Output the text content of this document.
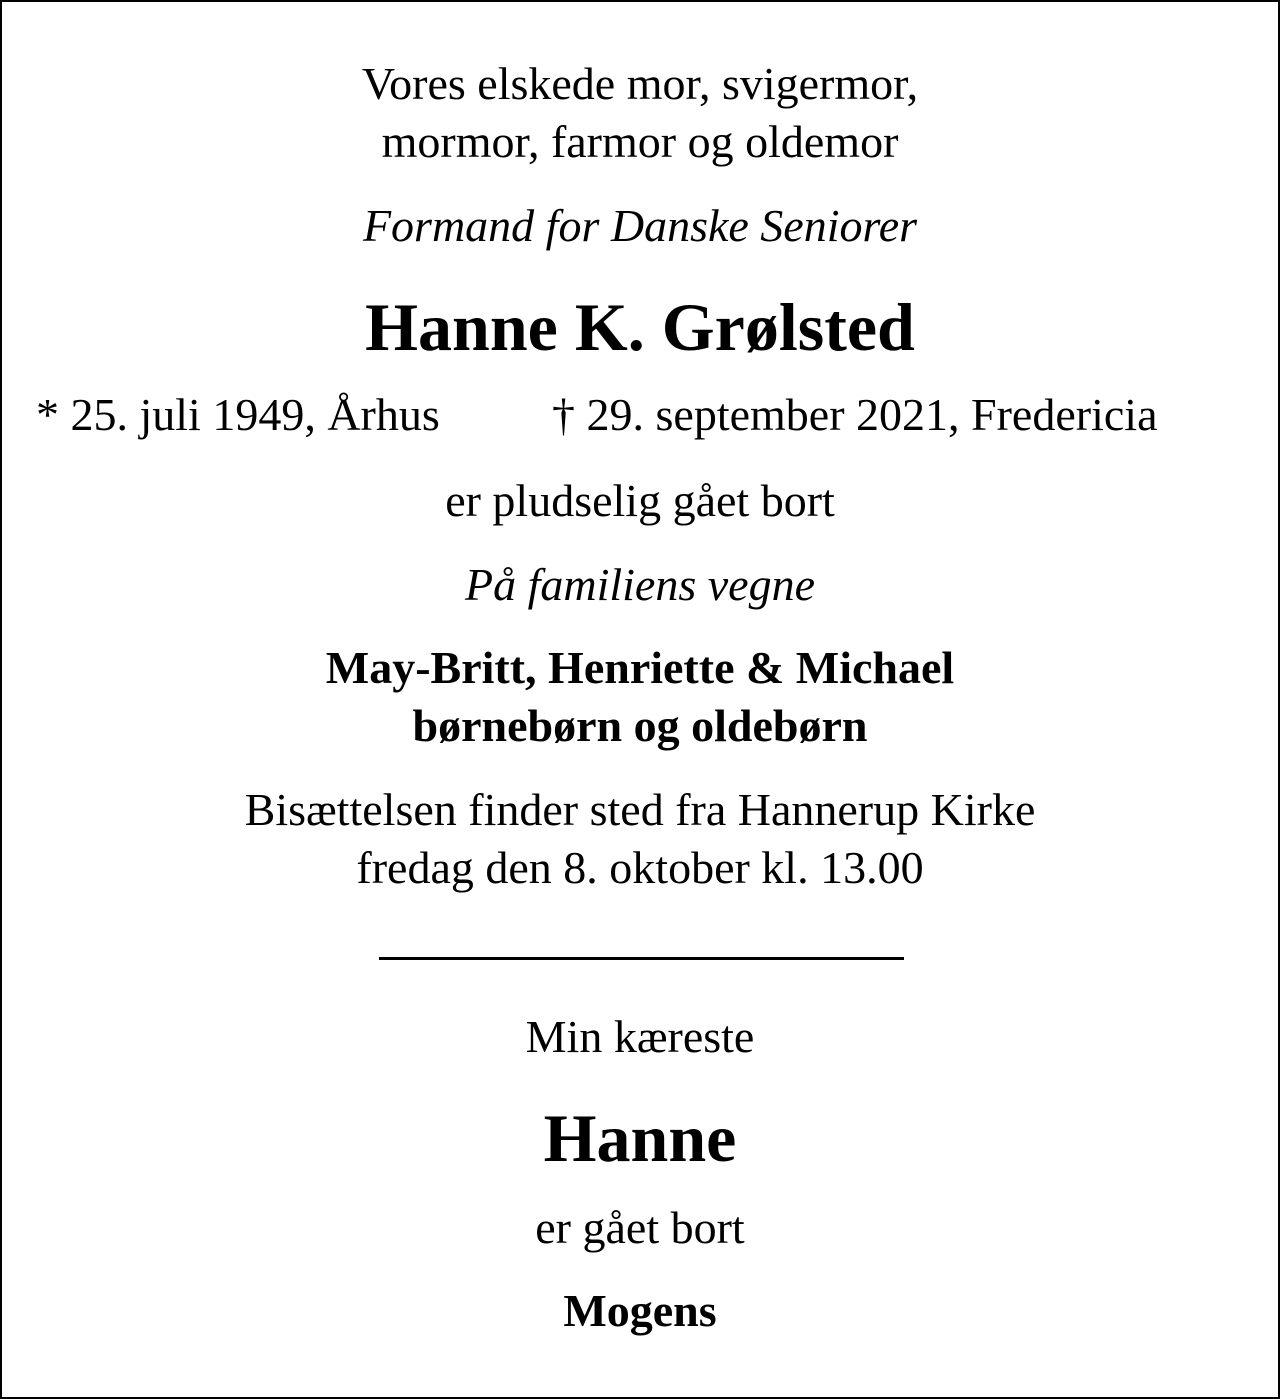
Vores elskede mor, svigermor,

mormor, farmor og oldemor

Formand for Danske Seniorer

Hanne K. Grølsted

* 25. juli 1949, Århus † 29. september 2021, Fredericia

er pludselig gået bort

På familiens vegne

May-Britt, Henriette & Michael

børnebørn og oldebørn

Bisættelsen finder sted fra Hannerup Kirke

fredag den 8. oktober kl. 13.00

Min kæreste

Hanne

er gået bort

Mogens
